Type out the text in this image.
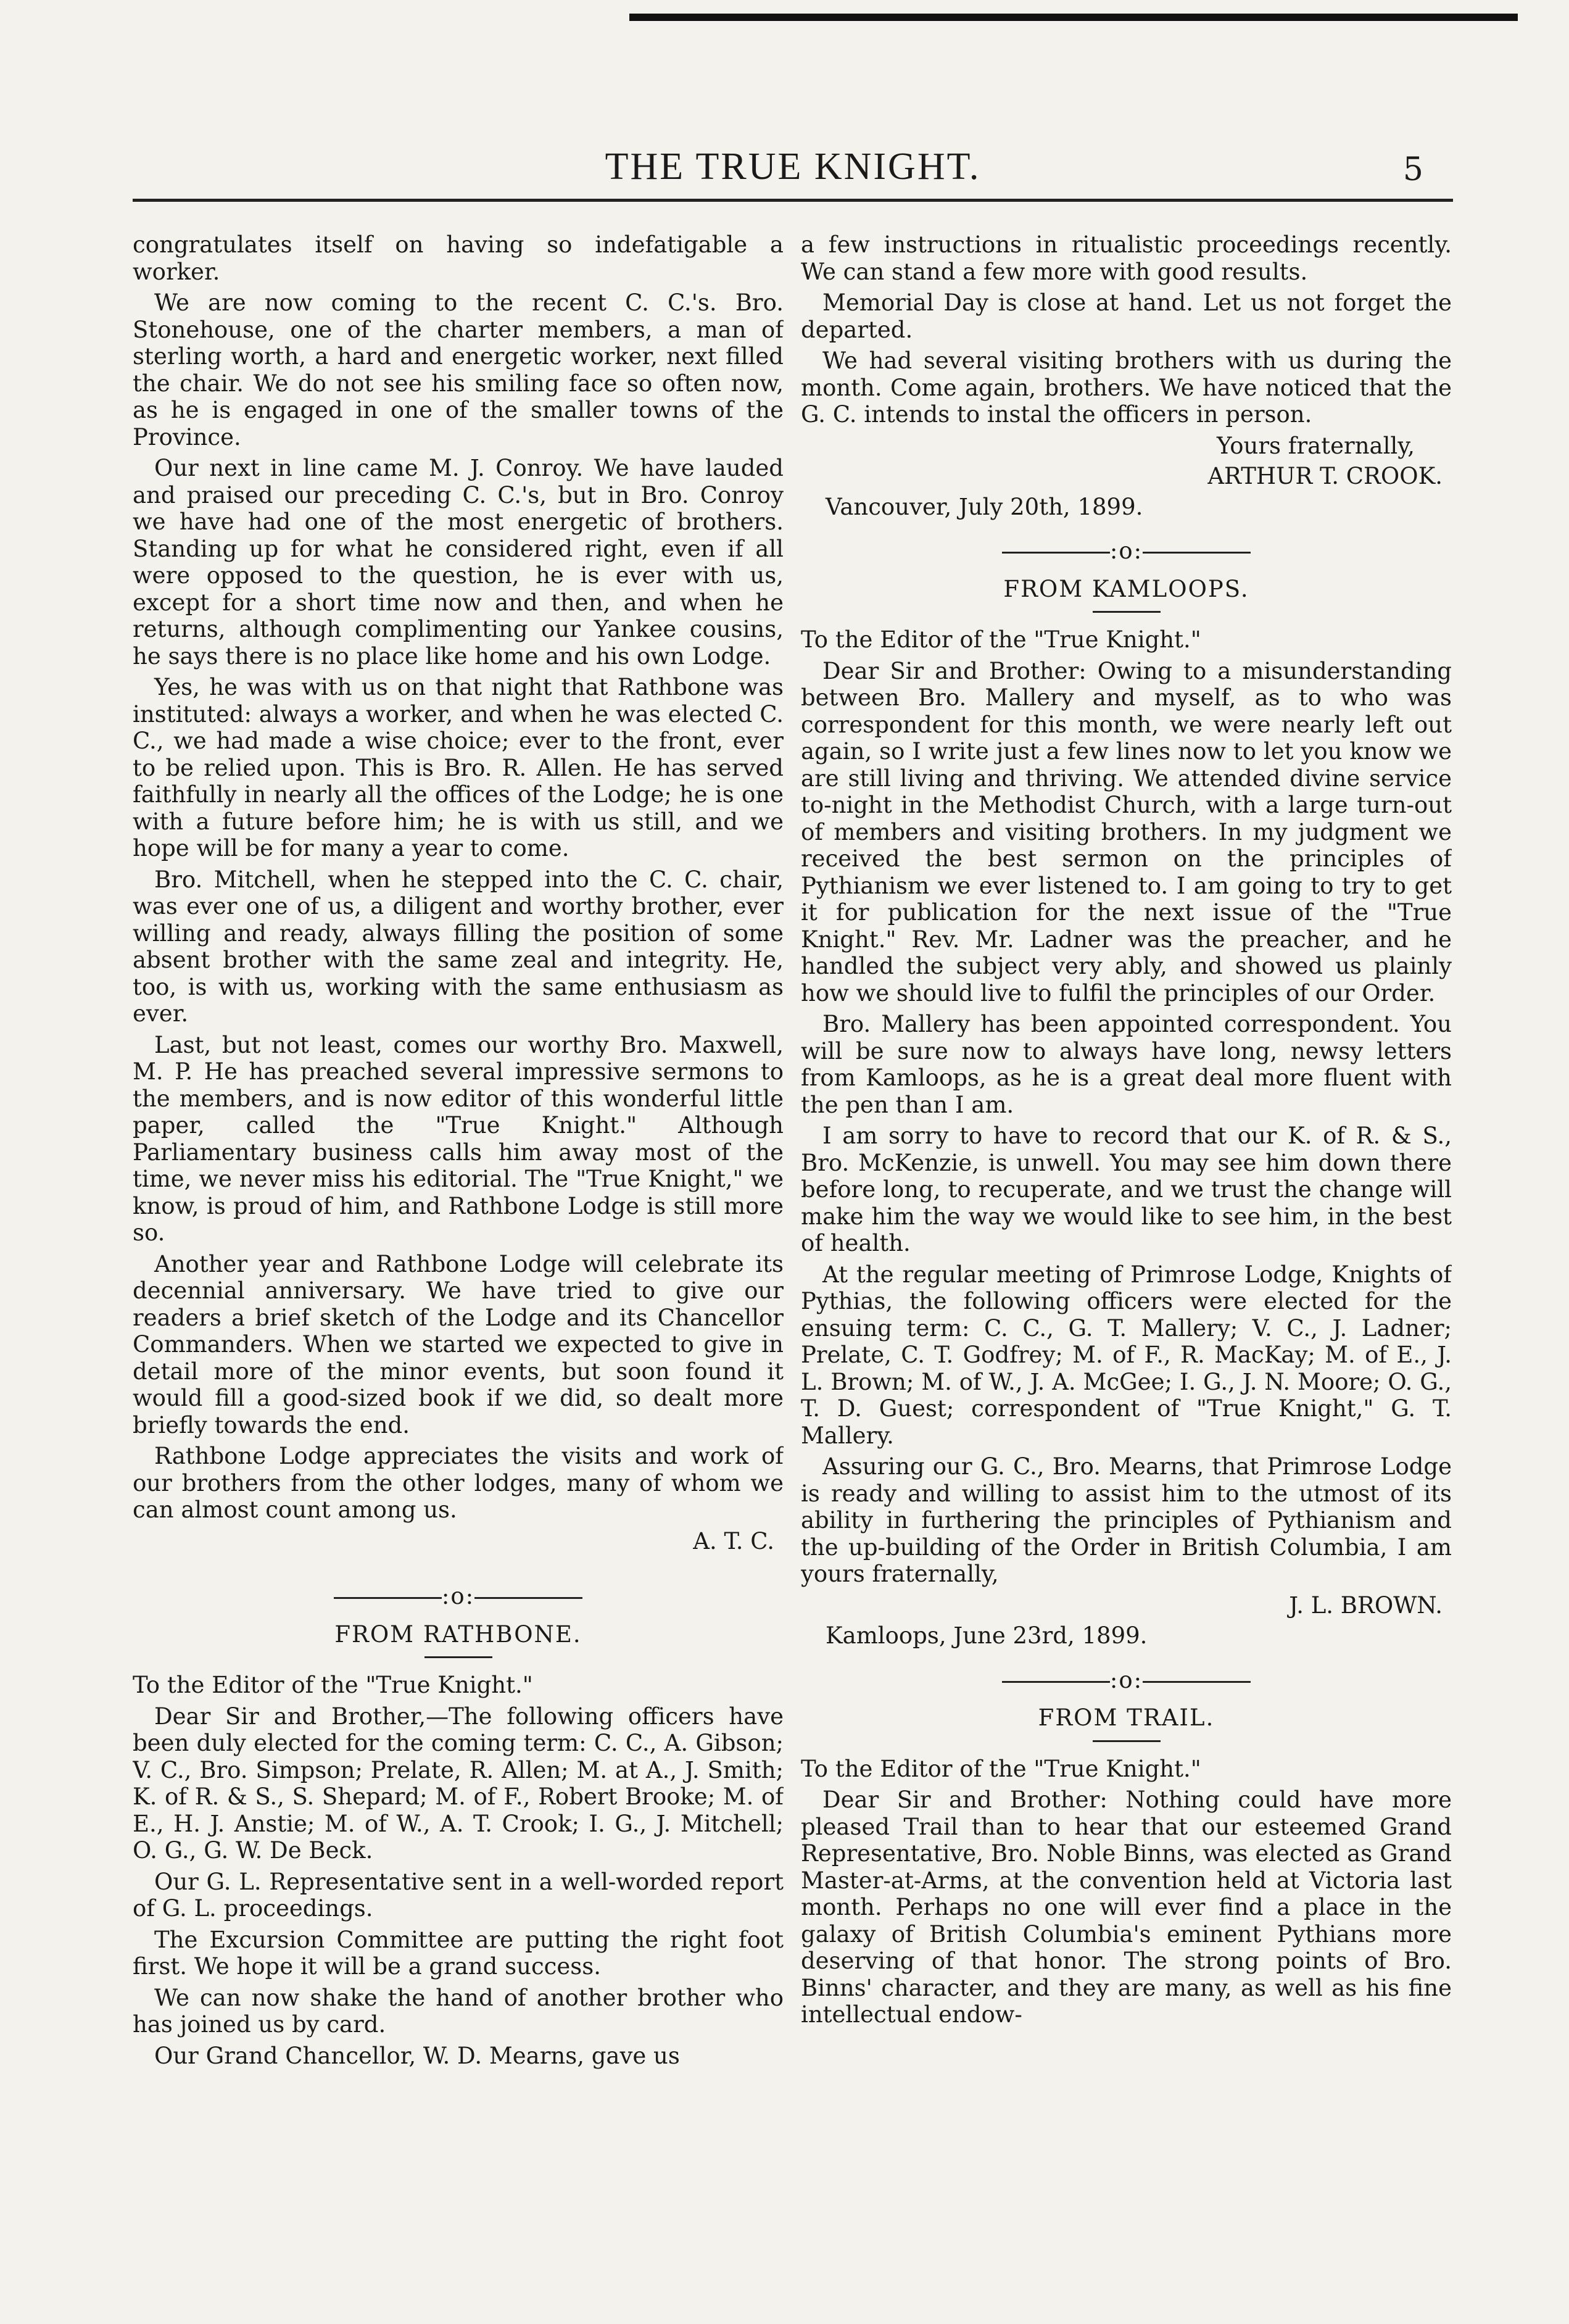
THE TRUE KNIGHT.	5

congratulates itself on having so indefatigable a worker.

We are now coming to the recent C. C.'s. Bro. Stonehouse, one of the charter members, a man of sterling worth, a hard and energetic worker, next filled the chair. We do not see his smiling face so often now, as he is engaged in one of the smaller towns of the Province.

Our next in line came M. J. Conroy. We have lauded and praised our preceding C. C.'s, but in Bro. Conroy we have had one of the most energetic of brothers. Standing up for what he considered right, even if all were opposed to the question, he is ever with us, except for a short time now and then, and when he returns, although complimenting our Yankee cousins, he says there is no place like home and his own Lodge.

Yes, he was with us on that night that Rathbone was instituted: always a worker, and when he was elected C. C., we had made a wise choice; ever to the front, ever to be relied upon. This is Bro. R. Allen. He has served faithfully in nearly all the offices of the Lodge; he is one with a future before him; he is with us still, and we hope will be for many a year to come.

Bro. Mitchell, when he stepped into the C. C. chair, was ever one of us, a diligent and worthy brother, ever willing and ready, always filling the position of some absent brother with the same zeal and integrity. He, too, is with us, working with the same enthusiasm as ever.

Last, but not least, comes our worthy Bro. Maxwell, M. P. He has preached several impressive sermons to the members, and is now editor of this wonderful little paper, called the "True Knight." Although Parliamentary business calls him away most of the time, we never miss his editorial. The "True Knight," we know, is proud of him, and Rathbone Lodge is still more so.

Another year and Rathbone Lodge will celebrate its decennial anniversary. We have tried to give our readers a brief sketch of the Lodge and its Chancellor Commanders. When we started we expected to give in detail more of the minor events, but soon found it would fill a good-sized book if we did, so dealt more briefly towards the end.

Rathbone Lodge appreciates the visits and work of our brothers from the other lodges, many of whom we can almost count among us.

A. T. C.
:o:
FROM RATHBONE.

To the Editor of the "True Knight."

Dear Sir and Brother,—The following officers have been duly elected for the coming term: C. C., A. Gibson; V. C., Bro. Simpson; Prelate, R. Allen; M. at A., J. Smith; K. of R. & S., S. Shepard; M. of F., Robert Brooke; M. of E., H. J. Anstie; M. of W., A. T. Crook; I. G., J. Mitchell; O. G., G. W. De Beck.

Our G. L. Representative sent in a well-worded report of G. L. proceedings.

The Excursion Committee are putting the right foot first. We hope it will be a grand success.

We can now shake the hand of another brother who has joined us by card.

Our Grand Chancellor, W. D. Mearns, gave us

a few instructions in ritualistic proceedings recently. We can stand a few more with good results.

Memorial Day is close at hand. Let us not forget the departed.

We had several visiting brothers with us during the month. Come again, brothers. We have noticed that the G. C. intends to instal the officers in person.

Yours fraternally,
ARTHUR T. CROOK.
Vancouver, July 20th, 1899.
:o:
FROM KAMLOOPS.

To the Editor of the "True Knight."

Dear Sir and Brother: Owing to a misunderstanding between Bro. Mallery and myself, as to who was correspondent for this month, we were nearly left out again, so I write just a few lines now to let you know we are still living and thriving. We attended divine service to-night in the Methodist Church, with a large turn-out of members and visiting brothers. In my judgment we received the best sermon on the principles of Pythianism we ever listened to. I am going to try to get it for publication for the next issue of the "True Knight." Rev. Mr. Ladner was the preacher, and he handled the subject very ably, and showed us plainly how we should live to fulfil the principles of our Order.

Bro. Mallery has been appointed correspondent. You will be sure now to always have long, newsy letters from Kamloops, as he is a great deal more fluent with the pen than I am.

I am sorry to have to record that our K. of R. & S., Bro. McKenzie, is unwell. You may see him down there before long, to recuperate, and we trust the change will make him the way we would like to see him, in the best of health.

At the regular meeting of Primrose Lodge, Knights of Pythias, the following officers were elected for the ensuing term: C. C., G. T. Mallery; V. C., J. Ladner; Prelate, C. T. Godfrey; M. of F., R. MacKay; M. of E., J. L. Brown; M. of W., J. A. McGee; I. G., J. N. Moore; O. G., T. D. Guest; correspondent of "True Knight," G. T. Mallery.

Assuring our G. C., Bro. Mearns, that Primrose Lodge is ready and willing to assist him to the utmost of its ability in furthering the principles of Pythianism and the up-building of the Order in British Columbia, I am yours fraternally,

J. L. BROWN.
Kamloops, June 23rd, 1899.
:o:
FROM TRAIL.

To the Editor of the "True Knight."

Dear Sir and Brother: Nothing could have more pleased Trail than to hear that our esteemed Grand Representative, Bro. Noble Binns, was elected as Grand Master-at-Arms, at the convention held at Victoria last month. Perhaps no one will ever find a place in the galaxy of British Columbia's eminent Pythians more deserving of that honor. The strong points of Bro. Binns' character, and they are many, as well as his fine intellectual endow-
